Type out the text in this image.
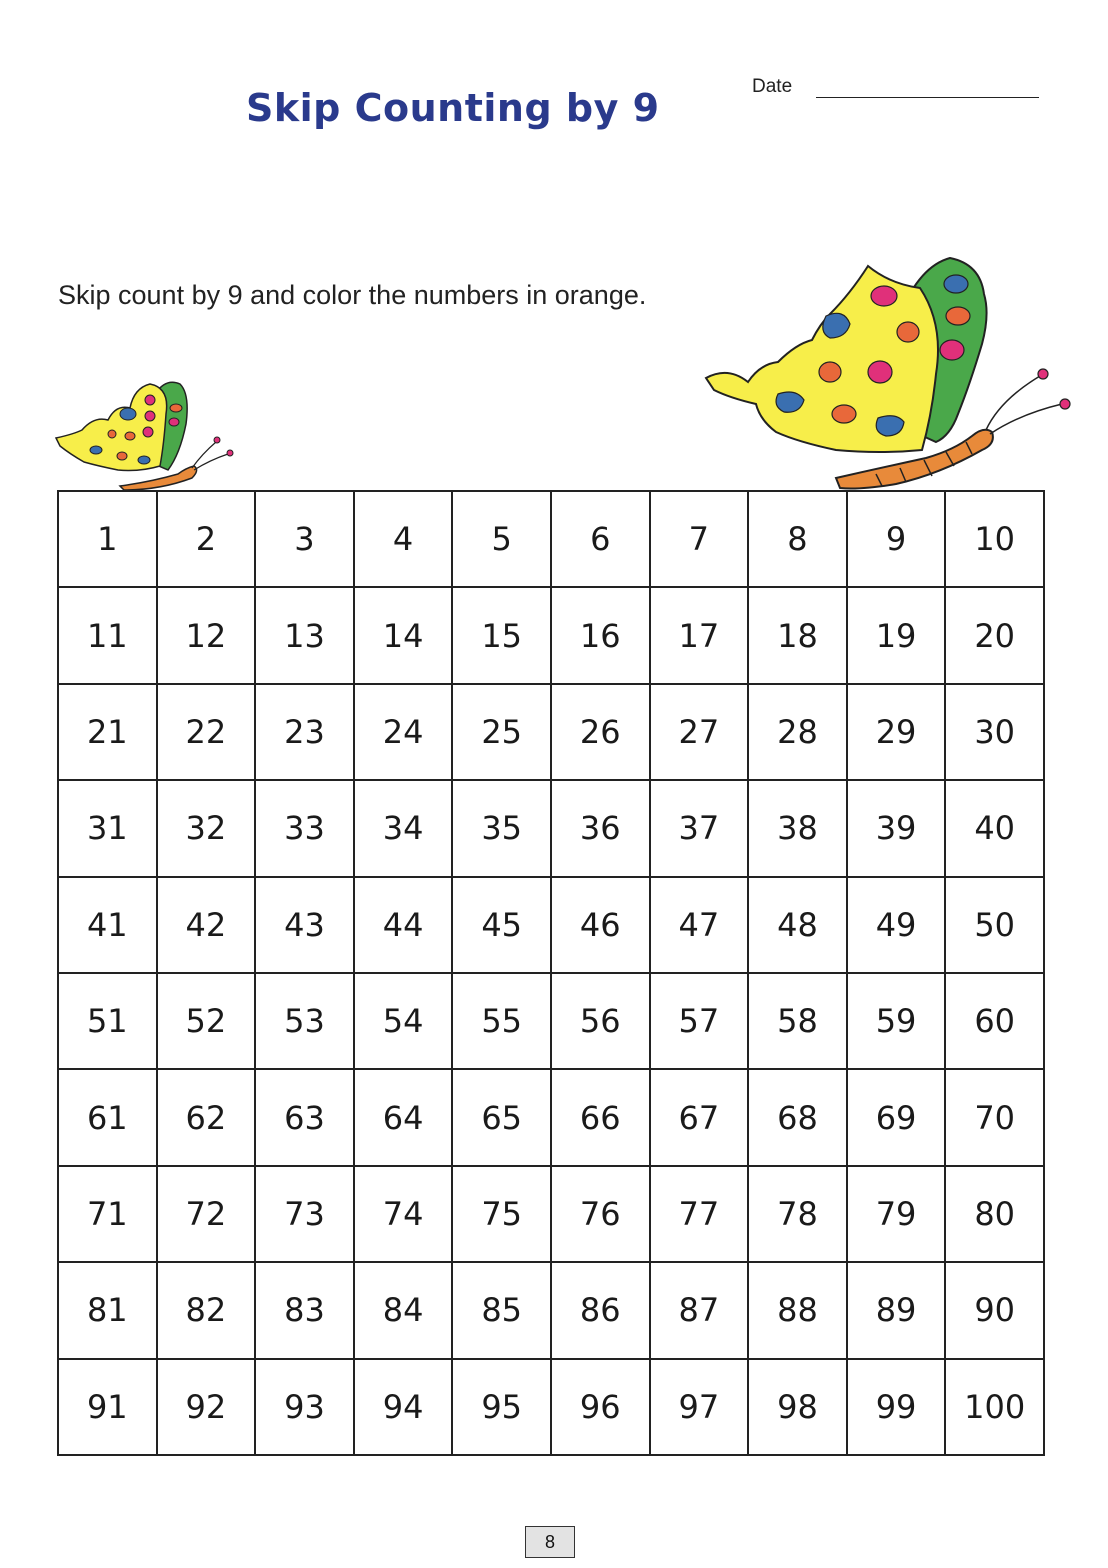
Skip Counting by 9	Date
Skip count by 9 and color the numbers in orange.
1	2	3	4	5	6	7	8	9	10
11	12	13	14	15	16	17	18	19	20
21	22	23	24	25	26	27	28	29	30
31	32	33	34	35	36	37	38	39	40
41	42	43	44	45	46	47	48	49	50
51	52	53	54	55	56	57	58	59	60
61	62	63	64	65	66	67	68	69	70
71	72	73	74	75	76	77	78	79	80
81	82	83	84	85	86	87	88	89	90
91	92	93	94	95	96	97	98	99	100
8
